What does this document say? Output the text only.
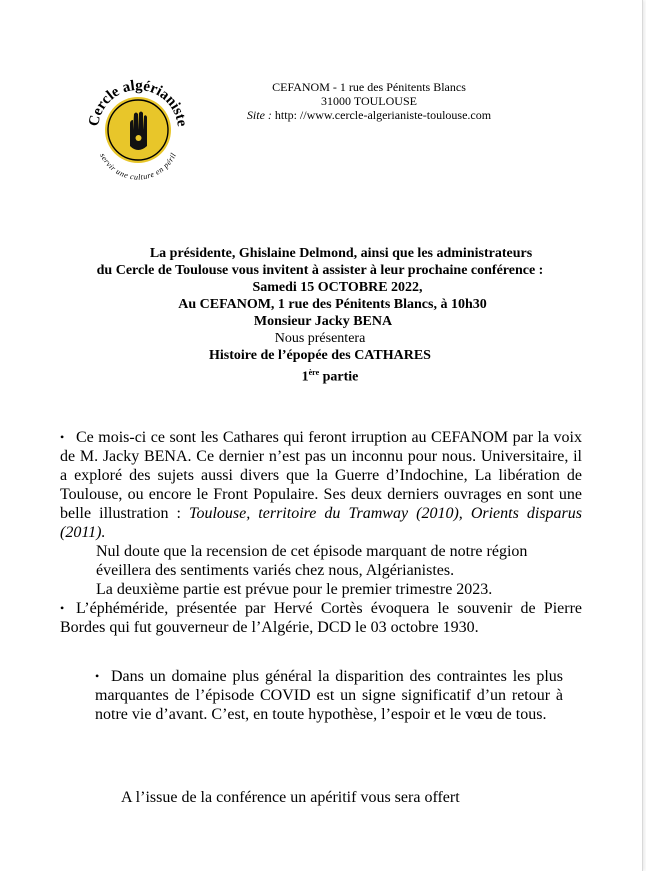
Cercle algérianiste
servir une culture en péril
CEFANOM - 1 rue des Pénitents Blancs
31000 TOULOUSE
Site : http: //www.cercle-algerianiste-toulouse.com
La présidente, Ghislaine Delmond, ainsi que les administrateurs
du Cercle de Toulouse vous invitent à assister à leur prochaine conférence :
Samedi 15 OCTOBRE 2022,
Au CEFANOM, 1 rue des Pénitents Blancs, à 10h30
Monsieur Jacky BENA
Nous présentera
Histoire de l’épopée des CATHARES
1ère partie

• Ce mois-ci ce sont les Cathares qui feront irruption au CEFANOM par la voix de M. Jacky BENA. Ce dernier n’est pas un inconnu pour nous. Universitaire, il a exploré des sujets aussi divers que la Guerre d’Indochine, La libération de Toulouse, ou encore le Front Populaire. Ses deux derniers ouvrages en sont une belle illustration : Toulouse, territoire du Tramway (2010), Orients disparus (2011).

Nul doute que la recension de cet épisode marquant de notre région éveillera des sentiments variés chez nous, Algérianistes.

La deuxième partie est prévue pour le premier trimestre 2023.

• L’éphéméride, présentée par Hervé Cortès évoquera le souvenir de Pierre Bordes qui fut gouverneur de l’Algérie, DCD le 03 octobre 1930.

• Dans un domaine plus général la disparition des contraintes les plus marquantes de l’épisode COVID est un signe significatif d’un retour à notre vie d’avant. C’est, en toute hypothèse, l’espoir et le vœu de tous.
A l’issue de la conférence un apéritif vous sera offert
